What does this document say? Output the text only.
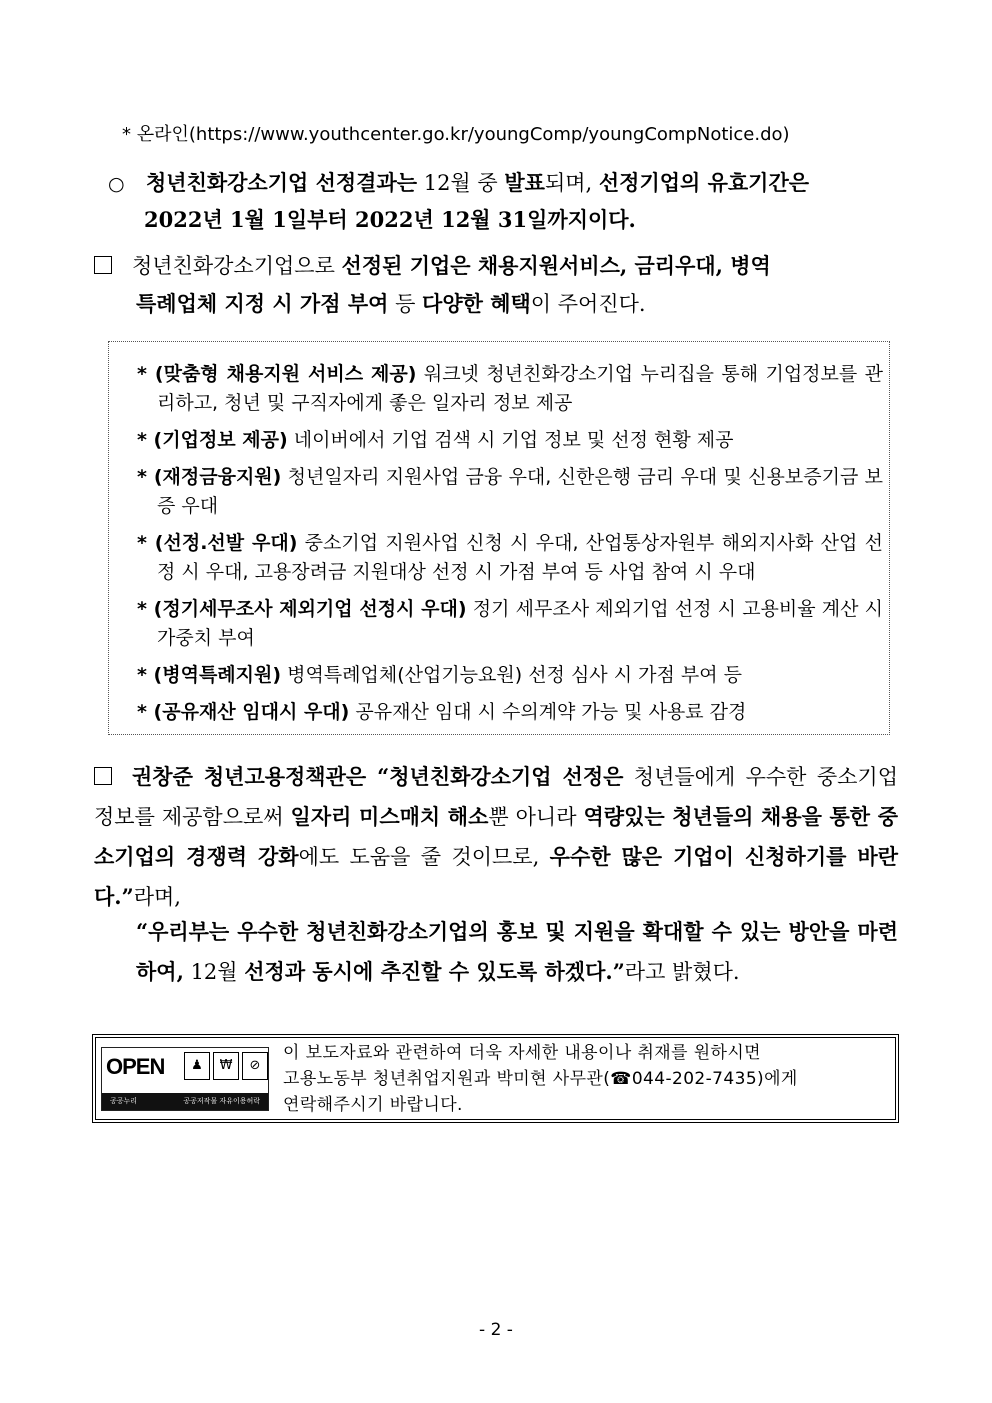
* 온라인(https://www.youthcenter.go.kr/youngComp/youngCompNotice.do)
○ 청년친화강소기업 선정결과는 12월 중 발표되며, 선정기업의 유효기간은
2022년 1월 1일부터 2022년 12월 31일까지이다.
청년친화강소기업으로 선정된 기업은 채용지원서비스, 금리우대, 병역
특례업체 지정 시 가점 부여 등 다양한 혜택이 주어진다.
* (맞춤형 채용지원 서비스 제공) 워크넷 청년친화강소기업 누리집을 통해 기업정보를 관리하고, 청년 및 구직자에게 좋은 일자리 정보 제공
* (기업정보 제공) 네이버에서 기업 검색 시 기업 정보 및 선정 현황 제공
* (재정금융지원) 청년일자리 지원사업 금융 우대, 신한은행 금리 우대 및 신용보증기금 보증 우대
* (선정.선발 우대) 중소기업 지원사업 신청 시 우대, 산업통상자원부 해외지사화 산업 선정 시 우대, 고용장려금 지원대상 선정 시 가점 부여 등 사업 참여 시 우대
* (정기세무조사 제외기업 선정시 우대) 정기 세무조사 제외기업 선정 시 고용비율 계산 시 가중치 부여
* (병역특례지원) 병역특례업체(산업기능요원) 선정 심사 시 가점 부여 등
* (공유재산 임대시 우대) 공유재산 임대 시 수의계약 가능 및 사용료 감경
권창준 청년고용정책관은 “청년친화강소기업 선정은 청년들에게 우수한 중소기업 정보를 제공함으로써 일자리 미스매치 해소뿐 아니라 역량있는 청년들의 채용을 통한 중소기업의 경쟁력 강화에도 도움을 줄 것이므로, 우수한 많은 기업이 신청하기를 바란다.”라며,
“우리부는 우수한 청년친화강소기업의 홍보 및 지원을 확대할 수 있는 방안을 마련하여, 12월 선정과 동시에 추진할 수 있도록 하겠다.”라고 밝혔다.
OPEN	♟	₩	⊘
공공누리	공공저작물 자유이용허락
이 보도자료와 관련하여 더욱 자세한 내용이나 취재를 원하시면
고용노동부 청년취업지원과 박미현 사무관(☎044-202-7435)에게
연락해주시기 바랍니다.
- 2 -
